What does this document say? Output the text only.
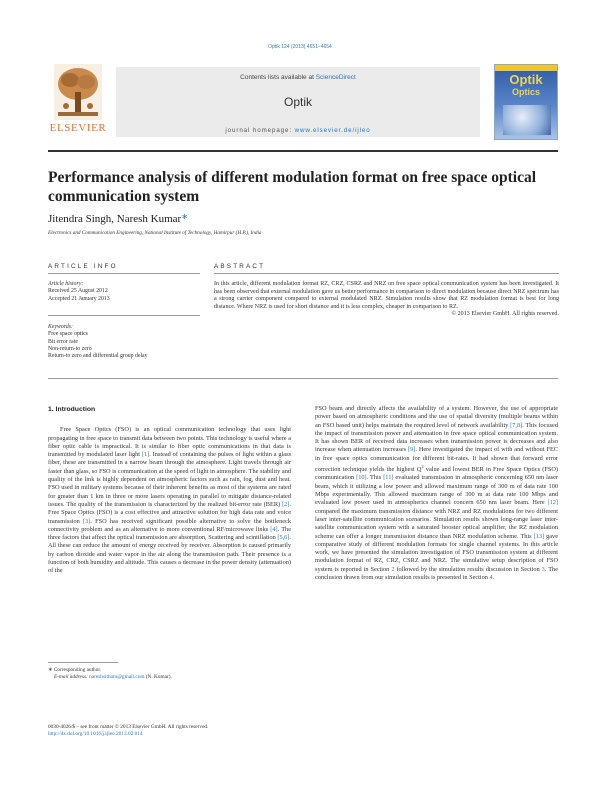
Optik 124 (2013) 4651–4654
ELSEVIER
Contents lists available at ScienceDirect
Optik
journal homepage: www.elsevier.de/ijleo
Optik
Optics
Performance analysis of different modulation format on free space optical communication system
Jitendra Singh, Naresh Kumar∗
Electronics and Communication Engineering, National Institute of Technology, Hamirpur (H.P.), India
ARTICLE INFO	ABSTRACT
Article history:
Received 25 August 2012
Accepted 21 January 2013
Keywords:
Free space optics
Bit error rate
Non-return-to zero
Return-to zero and differential group delay
In this article, different modulation format RZ, CRZ, CSRZ and NRZ on free space optical communication system has been investigated. It has been observed that external modulation gave us better performance in comparison to direct modulation because direct NRZ spectrum has a strong carrier component compared to external modulated NRZ. Simulation results show that RZ modulation format is best for long distance. Where NRZ is used for short distance and it is less complex, cheaper in comparison to RZ.
© 2013 Elsevier GmbH. All rights reserved.
1. Introduction

Free Space Optics (FSO) is an optical communication technology that uses light propagating in free space to transmit data between two points. This technology is useful where a fiber optic cable is impractical. It is similar to fiber optic communications in that data is transmitted by modulated laser light [1]. Instead of containing the pulses of light within a glass fiber, these are transmitted in a narrow beam through the atmosphere. Light travels through air faster than glass, so FSO is communication at the speed of light in atmosphere. The stability and quality of the link is highly dependent on atmospheric factors such as rain, fog, dust and heat. FSO used in military systems because of their inherent benefits as most of the systems are rated for greater than 1 km in three or more lasers operating in parallel to mitigate distance-related issues. The quality of the transmission is characterized by the realized bit-error rate (BER) [2]. Free Space Optics (FSO) is a cost effective and attractive solution for high data rate and voice transmission [3]. FSO has received significant possible alternative to solve the bottleneck connectivity problem and as an alternative to more conventional RF/microwave links [4]. The three factors that affect the optical transmission are absorption, Scattering and scintillation [5,6]. All these can reduce the amount of energy received by receiver. Absorption is caused primarily by carbon dioxide and water vapor in the air along the transmission path. Their presence is a function of both humidity and altitude. This causes a decrease in the power density (attenuation) of the

FSO beam and directly affects the availability of a system. However, the use of appropriate power based on atmospheric conditions and the use of spatial diversity (multiple beams within an FSO based unit) helps maintain the required level of network availability [7,8]. This focused the impact of transmission power and attenuation in free space optical communication system. It has shown BER of received data increases when transmission power is decreases and also increase when attenuation increases [9]. Here investigated the impact of with and without FEC in free space optics communication for different bit-rates. It had shown that forward error correction technique yields the highest $Q^2$ value and lowest BER in Free Space Optics (FSO) communication [10]. This [11] evaluated transmission in atmospheric concerning 650 nm laser beam, which it utilizing a low power and allowed maximum range of 300 m of data rate 100 Mbps experimentally. This allowed maximum range of 300 m at data rate 100 Mbps and evaluated low power used in atmospherics channel concern 650 nm laser beam. Here [12] compared the maximum transmission distance with NRZ and RZ modulations for two different laser inter-satellite communication scenarios. Simulation results shown long-range laser inter-satellite communication system with a saturated booster optical amplifier, the RZ modulation scheme can offer a longer transmission distance than NRZ modulation scheme. This [13] gave comparative study of different modulation formats for single channel systems. In this article work, we have presented the simulation investigation of FSO transmission system at different modulation format of RZ, CRZ, CSRZ and NRZ. The simulative setup description of FSO system is reported in Section 2 followed by the simulation results discussion in Section 3. The conclusion drawn from our simulation results is presented in Section 4.

∗ Corresponding author.
E-mail address: nareshsitham@gmail.com (N. Kumar).
0030-4026/$ – see front matter © 2013 Elsevier GmbH. All rights reserved.
http://dx.doi.org/10.1016/j.ijleo.2013.02.014
